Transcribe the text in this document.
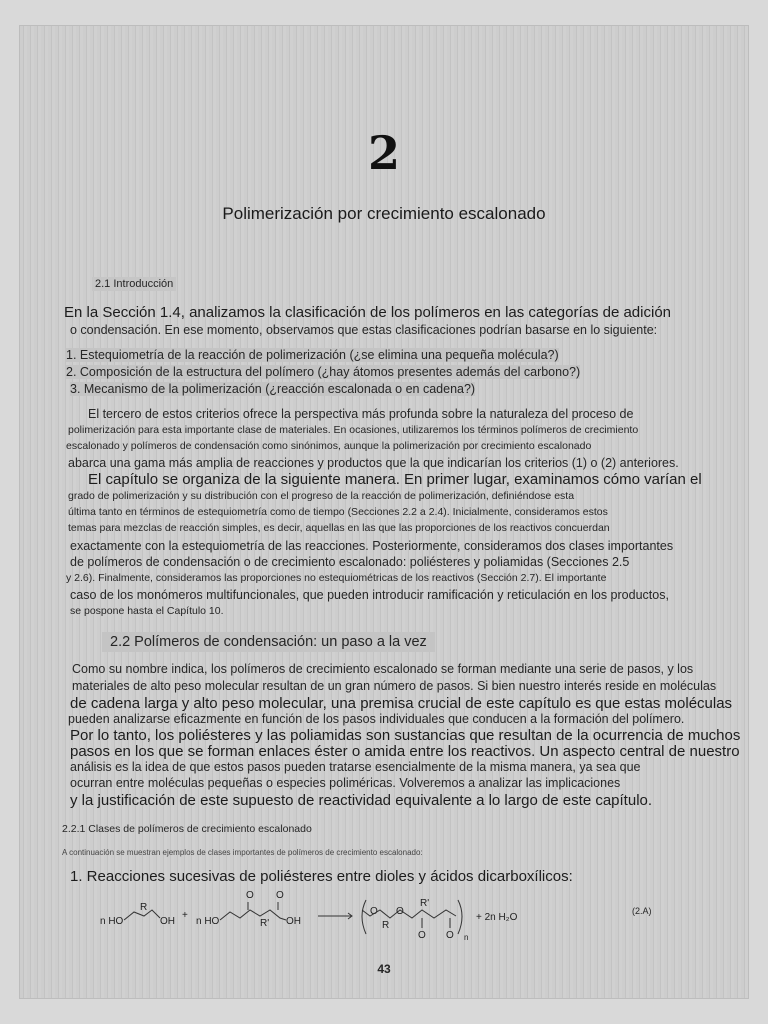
2
Polimerización por crecimiento escalonado
2.1 Introducción
En la Sección 1.4, analizamos la clasificación de los polímeros en las categorías de adición
o condensación. En ese momento, observamos que estas clasificaciones podrían basarse en lo siguiente:
1. Estequiometría de la reacción de polimerización (¿se elimina una pequeña molécula?)
2. Composición de la estructura del polímero (¿hay átomos presentes además del carbono?)
3. Mecanismo de la polimerización (¿reacción escalonada o en cadena?)
El tercero de estos criterios ofrece la perspectiva más profunda sobre la naturaleza del proceso de
polimerización para esta importante clase de materiales. En ocasiones, utilizaremos los términos polímeros de crecimiento
escalonado y polímeros de condensación como sinónimos, aunque la polimerización por crecimiento escalonado
abarca una gama más amplia de reacciones y productos que la que indicarían los criterios (1) o (2) anteriores.
El capítulo se organiza de la siguiente manera. En primer lugar, examinamos cómo varían el
grado de polimerización y su distribución con el progreso de la reacción de polimerización, definiéndose esta
última tanto en términos de estequiometría como de tiempo (Secciones 2.2 a 2.4). Inicialmente, consideramos estos
temas para mezclas de reacción simples, es decir, aquellas en las que las proporciones de los reactivos concuerdan
exactamente con la estequiometría de las reacciones. Posteriormente, consideramos dos clases importantes
de polímeros de condensación o de crecimiento escalonado: poliésteres y poliamidas (Secciones 2.5
y 2.6). Finalmente, consideramos las proporciones no estequiométricas de los reactivos (Sección 2.7). El importante
caso de los monómeros multifuncionales, que pueden introducir ramificación y reticulación en los productos,
se pospone hasta el Capítulo 10.
2.2 Polímeros de condensación: un paso a la vez
Como su nombre indica, los polímeros de crecimiento escalonado se forman mediante una serie de pasos, y los
materiales de alto peso molecular resultan de un gran número de pasos. Si bien nuestro interés reside en moléculas
de cadena larga y alto peso molecular, una premisa crucial de este capítulo es que estas moléculas
pueden analizarse eficazmente en función de los pasos individuales que conducen a la formación del polímero.
Por lo tanto, los poliésteres y las poliamidas son sustancias que resultan de la ocurrencia de muchos
pasos en los que se forman enlaces éster o amida entre los reactivos. Un aspecto central de nuestro
análisis es la idea de que estos pasos pueden tratarse esencialmente de la misma manera, ya sea que
ocurran entre moléculas pequeñas o especies poliméricas. Volveremos a analizar las implicaciones
y la justificación de este supuesto de reactividad equivalente a lo largo de este capítulo.
2.2.1 Clases de polímeros de crecimiento escalonado
A continuación se muestran ejemplos de clases importantes de polímeros de crecimiento escalonado:
1. Reacciones sucesivas de poliésteres entre dioles y ácidos dicarboxílicos:
n HO
R
OH
+
n HO
O O
R' OH
O
R
O
R'
O O n
+ 2n H₂O
(2.A)
43
